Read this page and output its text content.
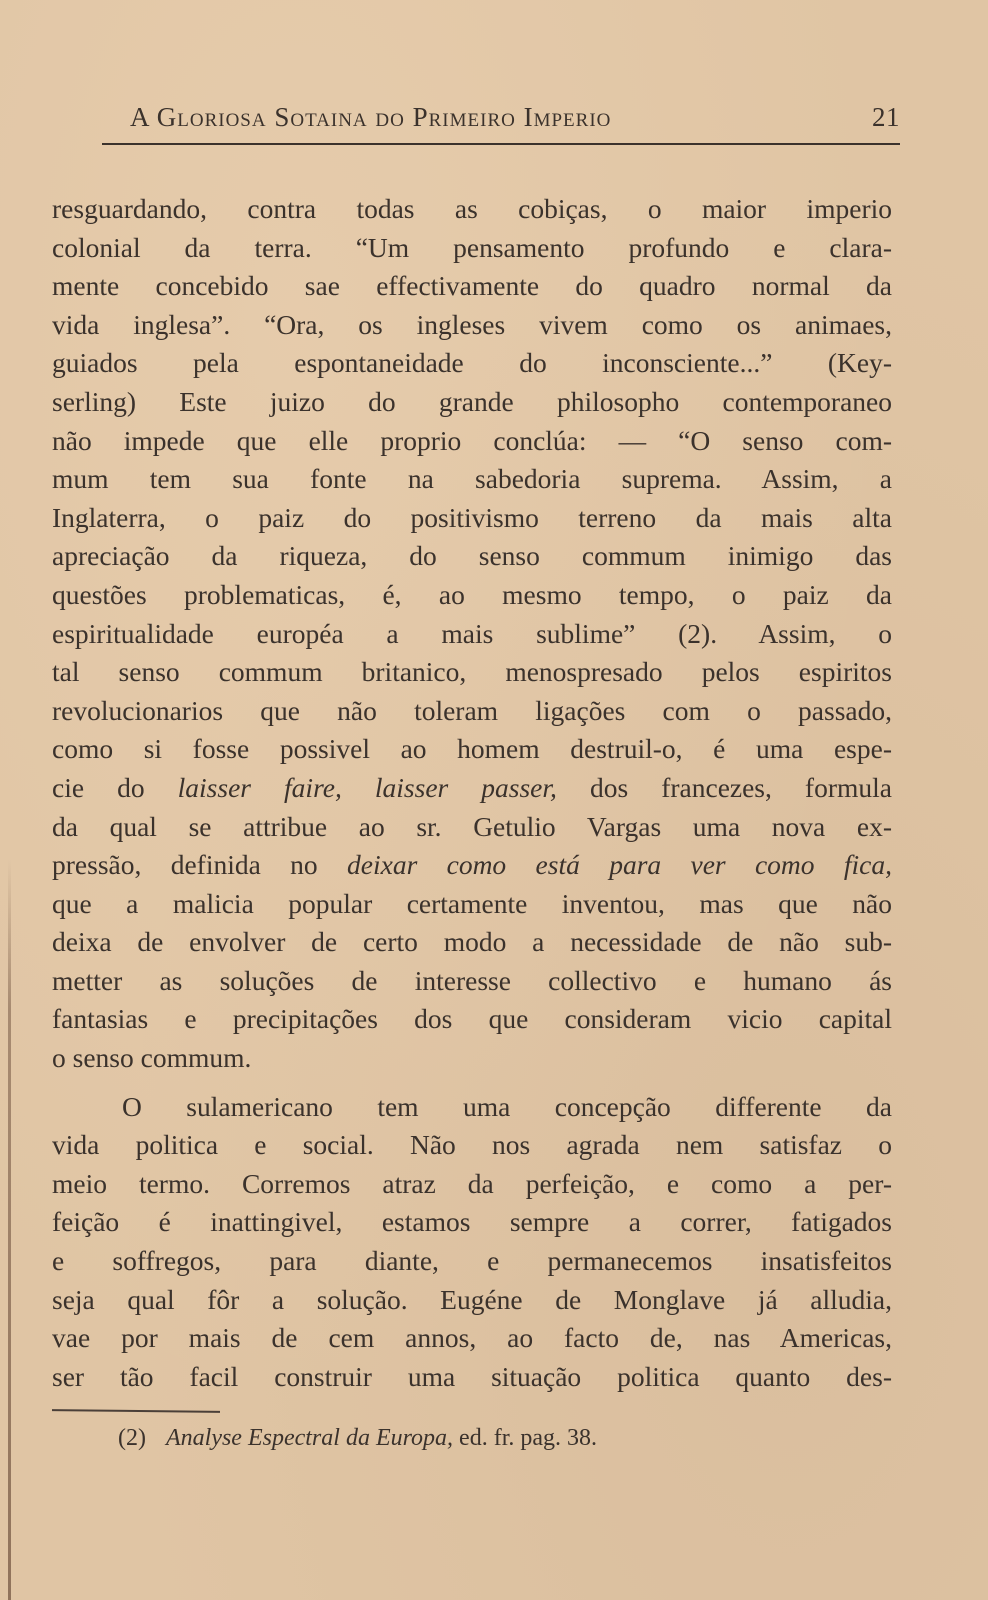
A Gloriosa Sotaina do Primeiro Imperio	21
resguardando, contra todas as cobiças, o maior imperio
colonial da terra. “Um pensamento profundo e clara-
mente concebido sae effectivamente do quadro normal da
vida inglesa”. “Ora, os ingleses vivem como os animaes,
guiados pela espontaneidade do inconsciente...” (Key-
serling) Este juizo do grande philosopho contemporaneo
não impede que elle proprio conclúa: — “O senso com-
mum tem sua fonte na sabedoria suprema. Assim, a
Inglaterra, o paiz do positivismo terreno da mais alta
apreciação da riqueza, do senso commum inimigo das
questões problematicas, é, ao mesmo tempo, o paiz da
espiritualidade européa a mais sublime” (2). Assim, o
tal senso commum britanico, menospresado pelos espiritos
revolucionarios que não toleram ligações com o passado,
como si fosse possivel ao homem destruil-o, é uma espe-
cie do laisser faire, laisser passer, dos francezes, formula
da qual se attribue ao sr. Getulio Vargas uma nova ex-
pressão, definida no deixar como está para ver como fica,
que a malicia popular certamente inventou, mas que não
deixa de envolver de certo modo a necessidade de não sub-
metter as soluções de interesse collectivo e humano ás
fantasias e precipitações dos que consideram vicio capital
o senso commum.
O sulamericano tem uma concepção differente da
vida politica e social. Não nos agrada nem satisfaz o
meio termo. Corremos atraz da perfeição, e como a per-
feição é inattingivel, estamos sempre a correr, fatigados
e soffregos, para diante, e permanecemos insatisfeitos
seja qual fôr a solução. Eugéne de Monglave já alludia,
vae por mais de cem annos, ao facto de, nas Americas,
ser tão facil construir uma situação politica quanto des-
(2) Analyse Espectral da Europa, ed. fr. pag. 38.
